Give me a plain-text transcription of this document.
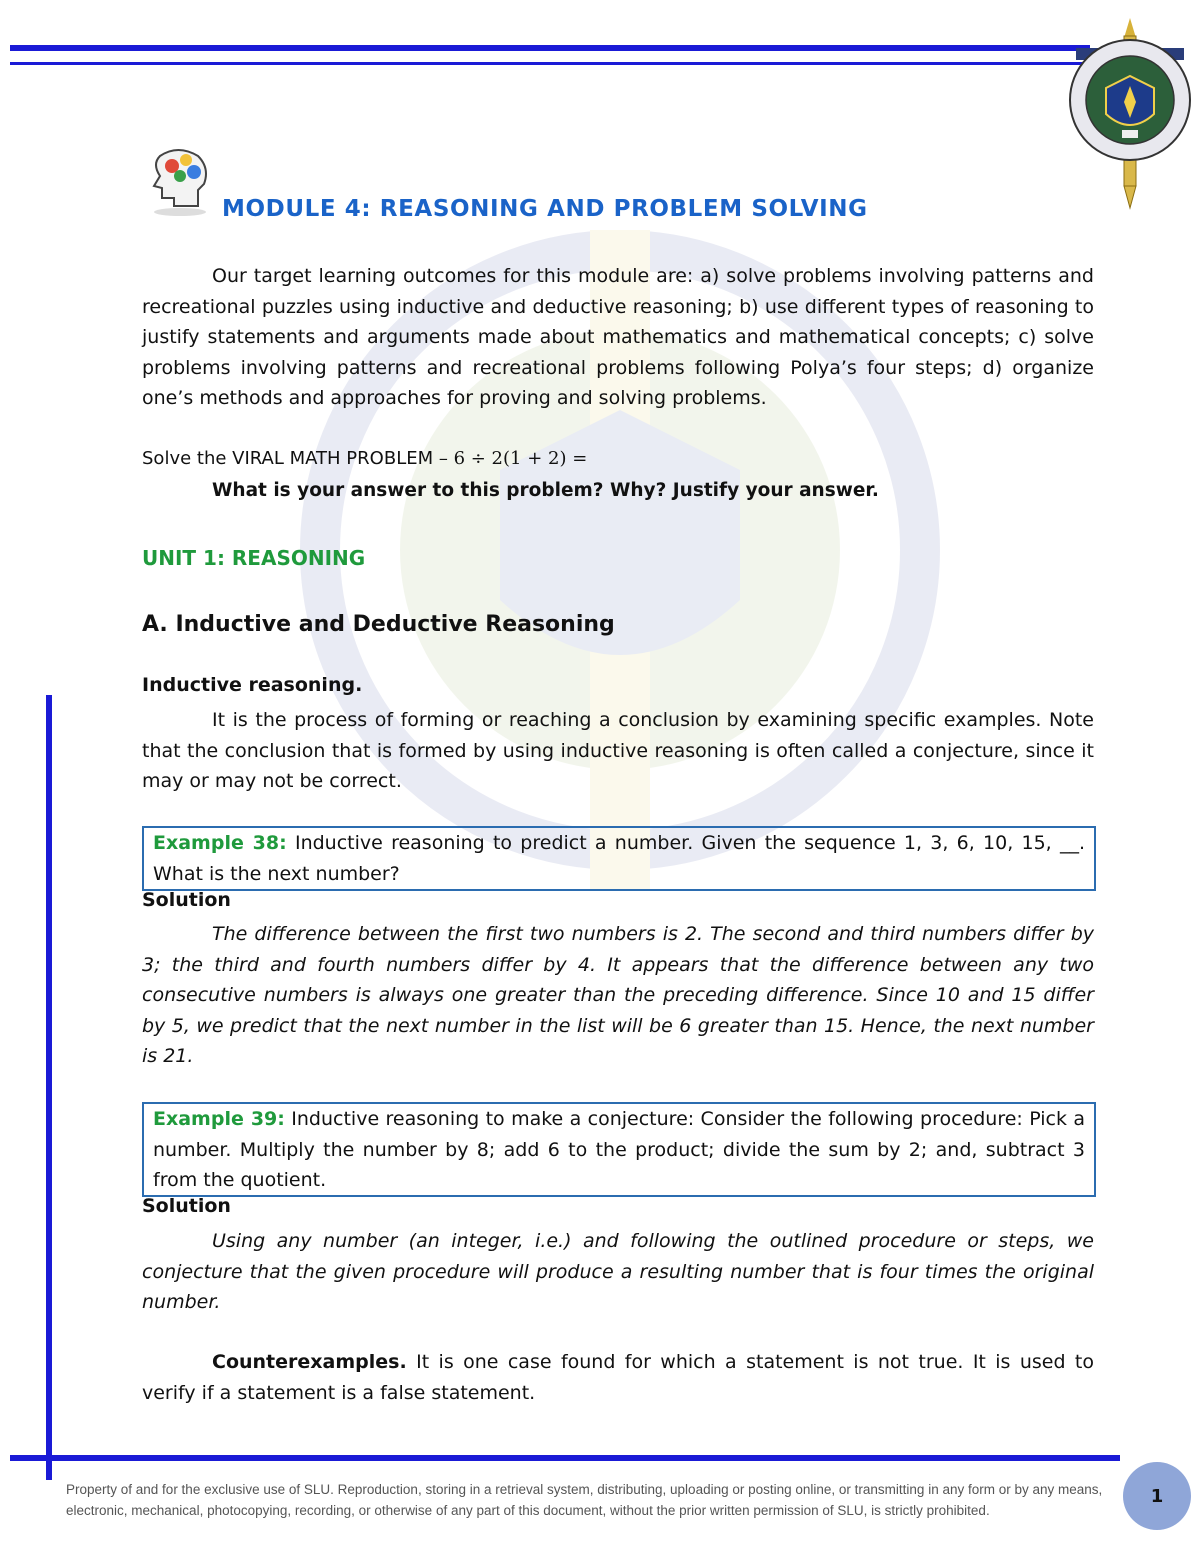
MODULE 4: REASONING AND PROBLEM SOLVING

Our target learning outcomes for this module are: a) solve problems involving patterns and recreational puzzles using inductive and deductive reasoning; b) use different types of reasoning to justify statements and arguments made about mathematics and mathematical concepts; c) solve problems involving patterns and recreational problems following Polya’s four steps; d) organize one’s methods and approaches for proving and solving problems.

Solve the VIRAL MATH PROBLEM – 6 ÷ 2(1 + 2) =

What is your answer to this problem? Why? Justify your answer.

UNIT 1: REASONING
A. Inductive and Deductive Reasoning

Inductive reasoning.

It is the process of forming or reaching a conclusion by examining specific examples. Note that the conclusion that is formed by using inductive reasoning is often called a conjecture, since it may or may not be correct.

Example 38: Inductive reasoning to predict a number. Given the sequence 1, 3, 6, 10, 15, __. What is the next number?

Solution

The difference between the first two numbers is 2. The second and third numbers differ by 3; the third and fourth numbers differ by 4. It appears that the difference between any two consecutive numbers is always one greater than the preceding difference. Since 10 and 15 differ by 5, we predict that the next number in the list will be 6 greater than 15. Hence, the next number is 21.

Example 39: Inductive reasoning to make a conjecture: Consider the following procedure: Pick a number. Multiply the number by 8; add 6 to the product; divide the sum by 2; and, subtract 3 from the quotient.

Solution

Using any number (an integer, i.e.) and following the outlined procedure or steps, we conjecture that the given procedure will produce a resulting number that is four times the original number.

Counterexamples. It is one case found for which a statement is not true. It is used to verify if a statement is a false statement.

Property of and for the exclusive use of SLU. Reproduction, storing in a retrieval system, distributing, uploading or posting online, or transmitting in any form or by any means, electronic, mechanical, photocopying, recording, or otherwise of any part of this document, without the prior written permission of SLU, is strictly prohibited.

1
